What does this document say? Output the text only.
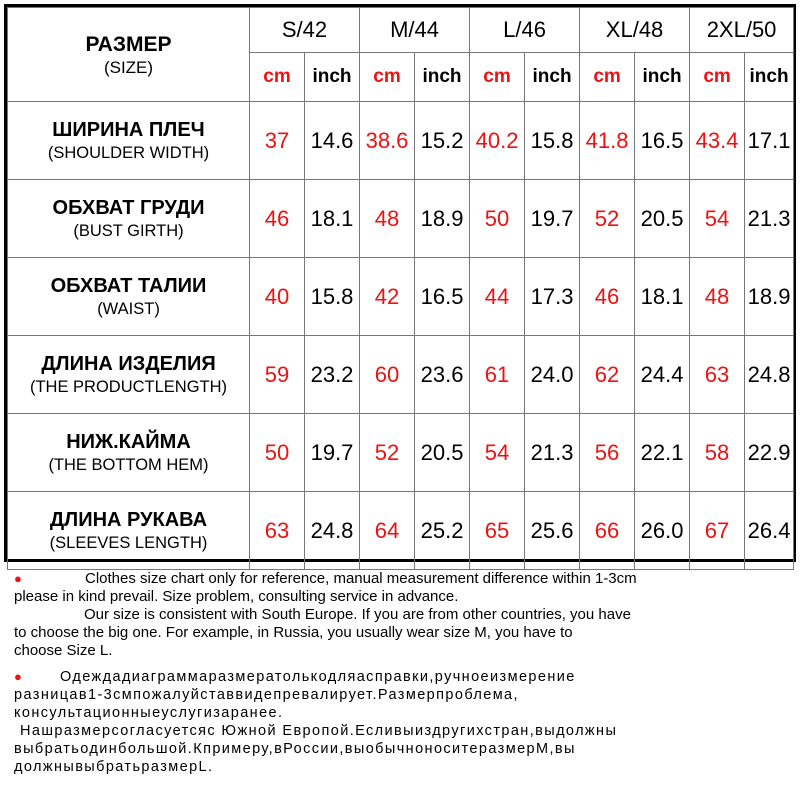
РАЗМЕР
(SIZE)	S/42		M/44		L/46		XL/48		2XL/50	
	cm	inch	cm	inch	cm	inch	cm	inch	cm	inch

ШИРИНА ПЛЕЧ
(SHOULDER WIDTH)	37	14.6	38.6	15.2	40.2	15.8	41.8	16.5	43.4	17.1

ОБХВАТ ГРУДИ
(BUST GIRTH)	46	18.1	48	18.9	50	19.7	52	20.5	54	21.3

ОБХВАТ ТАЛИИ
(WAIST)	40	15.8	42	16.5	44	17.3	46	18.1	48	18.9

ДЛИНА ИЗДЕЛИЯ
(THE PRODUCTLENGTH)	59	23.2	60	23.6	61	24.0	62	24.4	63	24.8

НИЖ.КАЙМА
(THE BOTTOM HEM)	50	19.7	52	20.5	54	21.3	56	22.1	58	22.9

ДЛИНА РУКАВА
(SLEEVES LENGTH)	63	24.8	64	25.2	65	25.6	66	26.0	67	26.4
●	Clothes size chart only for reference, manual measurement difference within 1-3cm
please in kind prevail. Size problem, consulting service in advance.
Our size is consistent with South Europe. If you are from other countries, you have
to choose the big one. For example, in Russia, you usually wear size M, you have to
choose Size L.
●	Одеждадиаграммаразмератолькодляасправки,ручноеизмерение
разницав1-3смпожалуйставвидепревалирует.Размерпроблема,
консультационныеуслугизаранее.
Нашразмерсогласуетсяс Южной Европой.Есливыиздругихстран,выдолжны
выбратьодинбольшой.Кпримеру,вРоссии,выобычноноситеразмерМ,вы
должнывыбратьразмерL.
